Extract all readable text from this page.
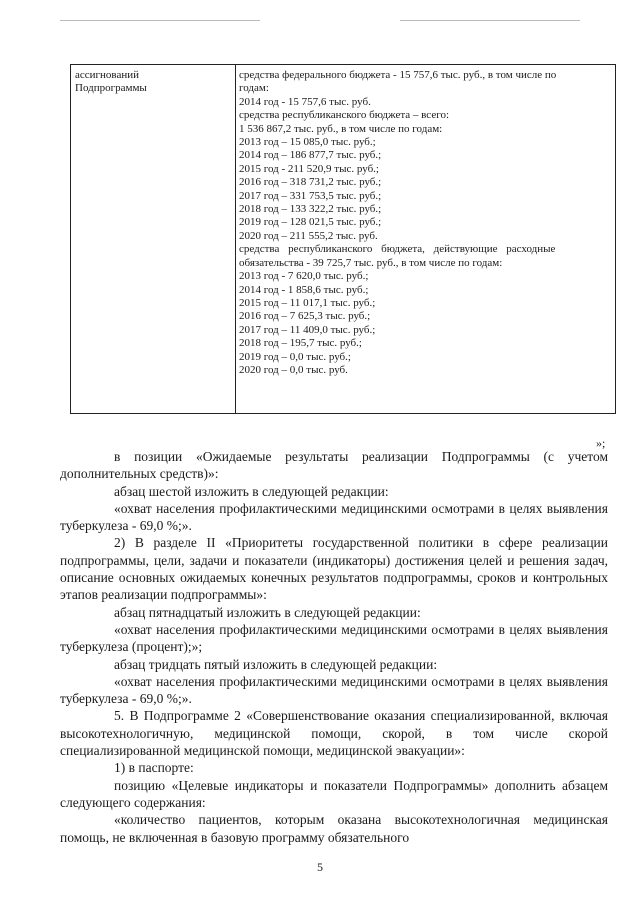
ассигнований
Подпрограммы
средства федерального бюджета - 15 757,6 тыс. руб., в том числе по
годам:
2014 год - 15 757,6 тыс. руб.
средства республиканского бюджета – всего:
1 536 867,2 тыс. руб., в том числе по годам:
2013 год – 15 085,0 тыс. руб.;
2014 год – 186 877,7 тыс. руб.;
2015 год - 211 520,9 тыс. руб.;
2016 год – 318 731,2 тыс. руб.;
2017 год – 331 753,5 тыс. руб.;
2018 год – 133 322,2 тыс. руб.;
2019 год – 128 021,5 тыс. руб.;
2020 год – 211 555,2 тыс. руб.
средства республиканского бюджета, действующие расходные
обязательства - 39 725,7 тыс. руб., в том числе по годам:
2013 год - 7 620,0 тыс. руб.;
2014 год - 1 858,6 тыс. руб.;
2015 год – 11 017,1 тыс. руб.;
2016 год – 7 625,3 тыс. руб.;
2017 год – 11 409,0 тыс. руб.;
2018 год – 195,7 тыс. руб.;
2019 год – 0,0 тыс. руб.;
2020 год – 0,0 тыс. руб.
»;

в позиции «Ожидаемые результаты реализации Подпрограммы (с учетом дополнительных средств)»:

абзац шестой изложить в следующей редакции:

«охват населения профилактическими медицинскими осмотрами в целях выявления туберкулеза - 69,0 %;».

2) В разделе II «Приоритеты государственной политики в сфере реализации подпрограммы, цели, задачи и показатели (индикаторы) достижения целей и решения задач, описание основных ожидаемых конечных результатов подпрограммы, сроков и контрольных этапов реализации подпрограммы»:

абзац пятнадцатый изложить в следующей редакции:

«охват населения профилактическими медицинскими осмотрами в целях выявления туберкулеза (процент);»;

абзац тридцать пятый изложить в следующей редакции:

«охват населения профилактическими медицинскими осмотрами в целях выявления туберкулеза - 69,0 %;».

5. В Подпрограмме 2 «Совершенствование оказания специализированной, включая высокотехнологичную, медицинской помощи, скорой, в том числе скорой специализированной медицинской помощи, медицинской эвакуации»:

1) в паспорте:

позицию «Целевые индикаторы и показатели Подпрограммы» дополнить абзацем следующего содержания:

«количество пациентов, которым оказана высокотехнологичная медицинская помощь, не включенная в базовую программу обязательного

5
